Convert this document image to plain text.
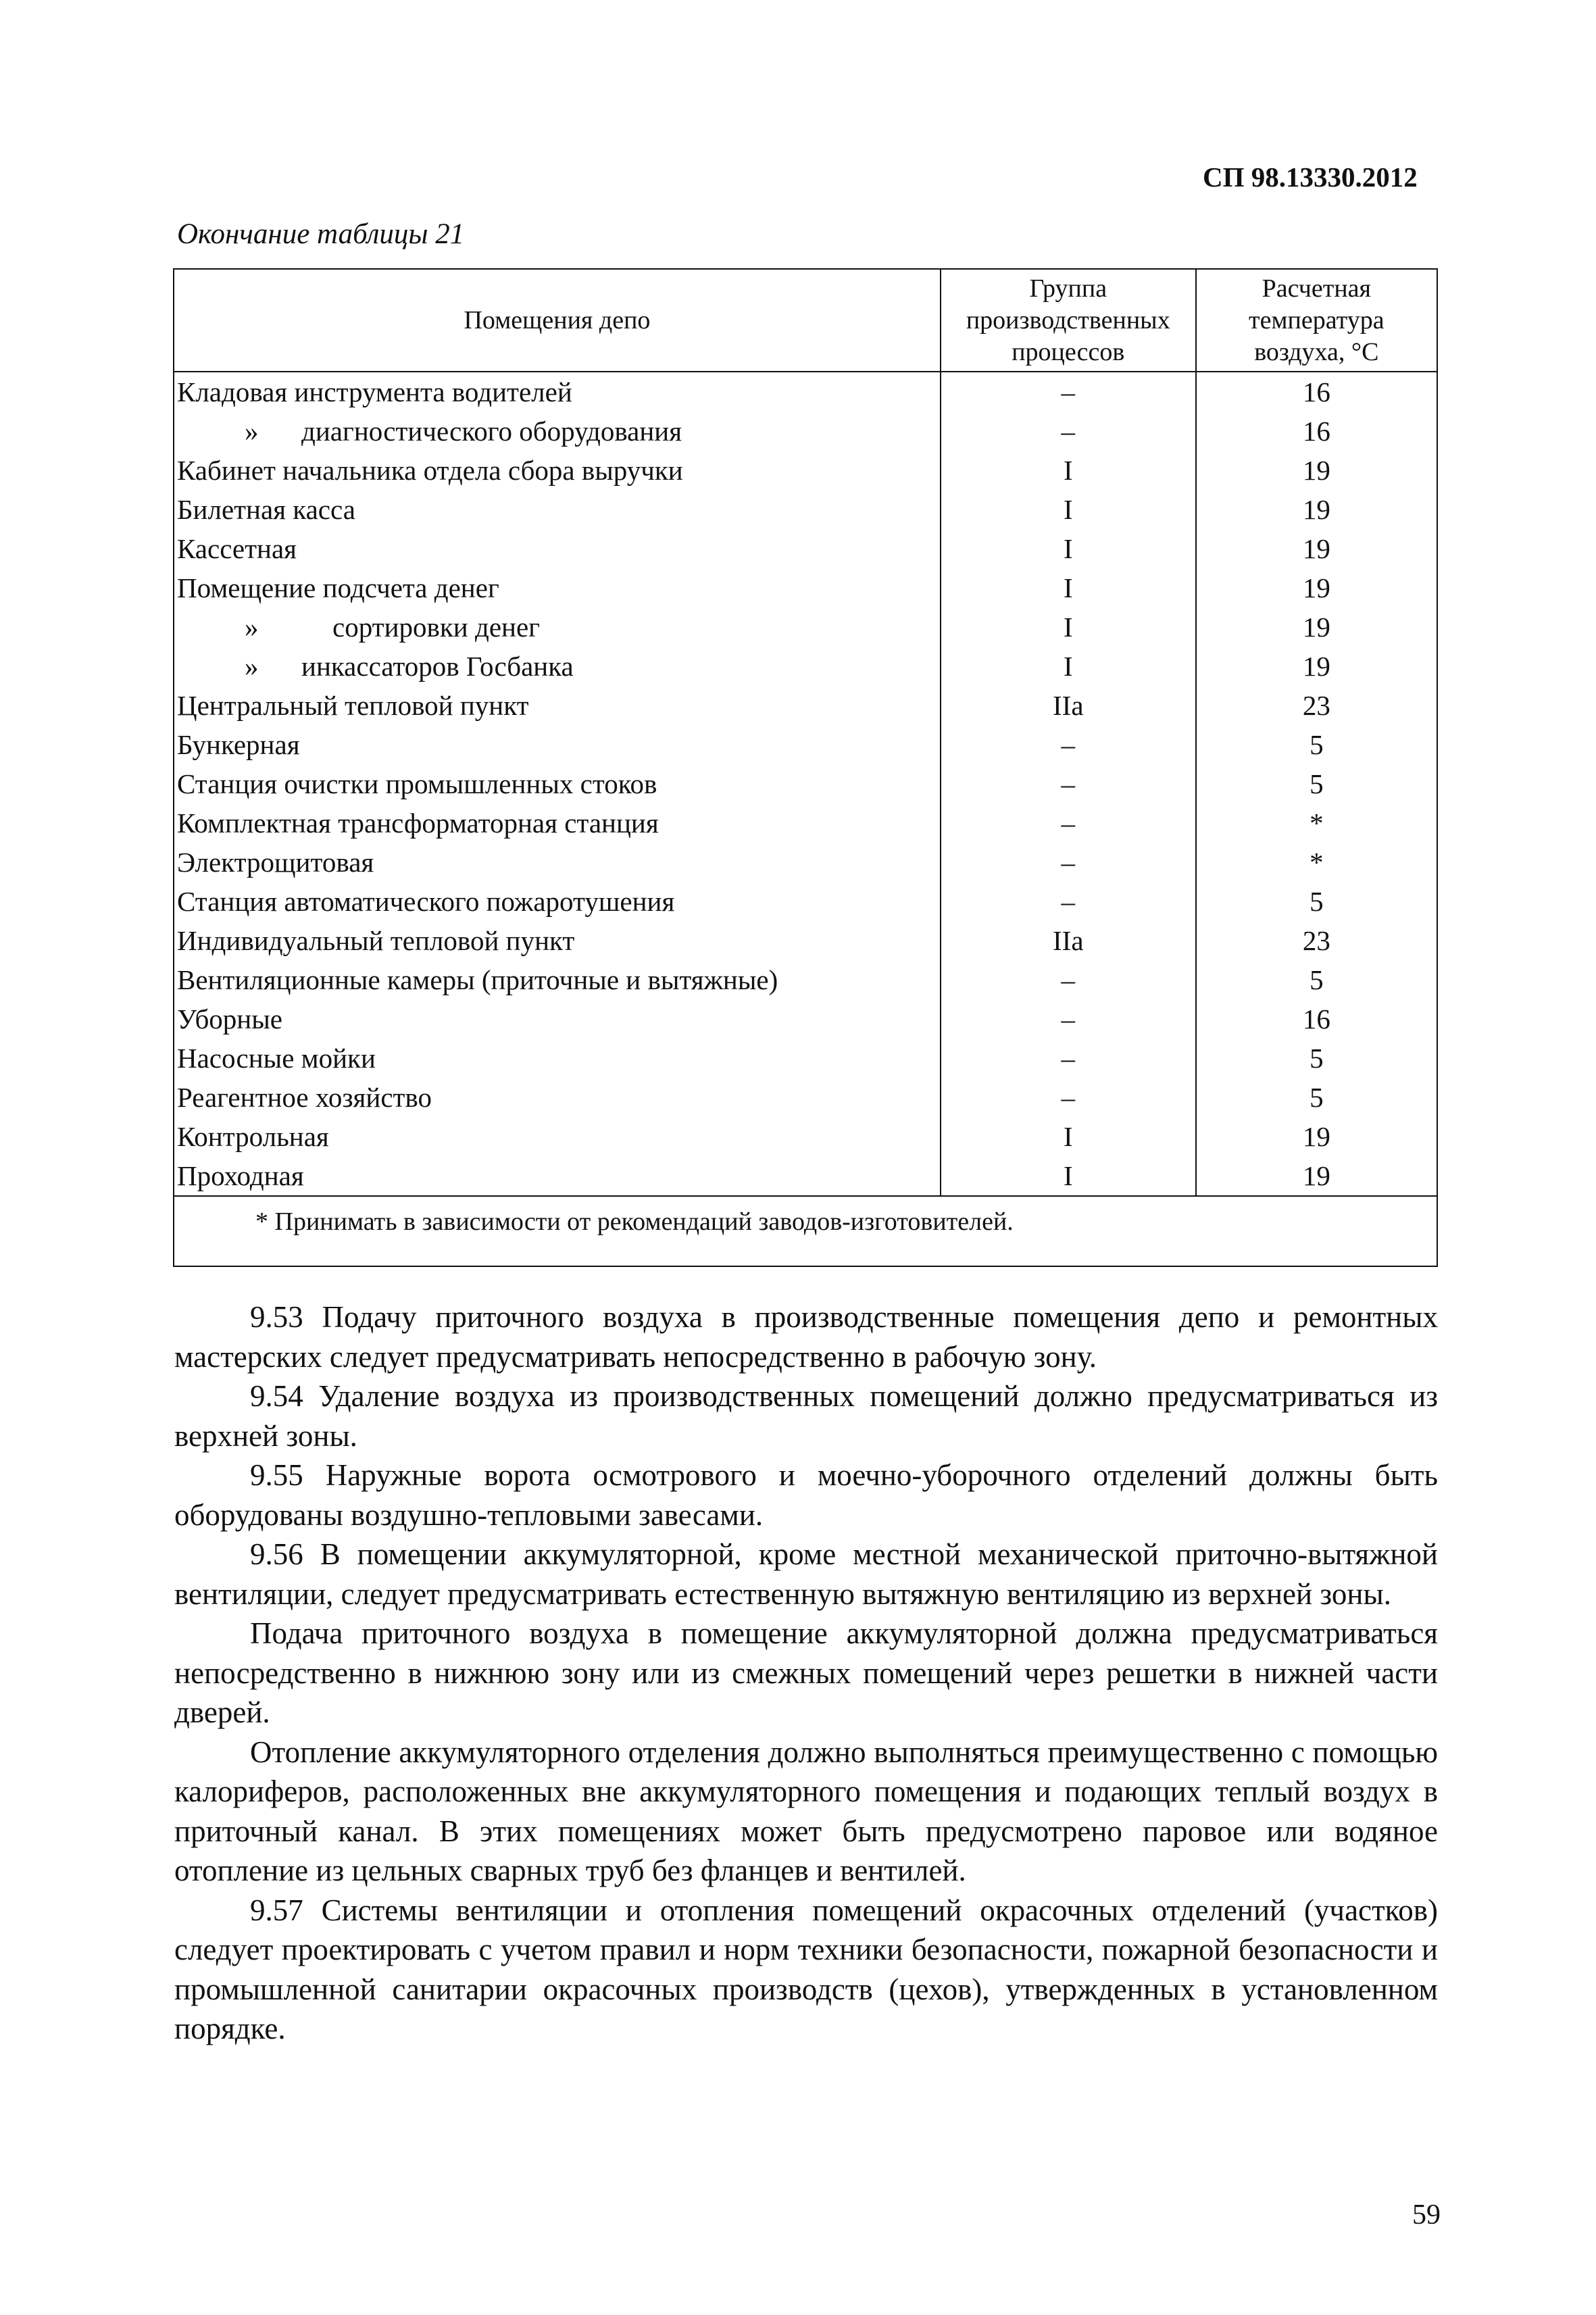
СП 98.13330.2012
Окончание таблицы 21
Помещения депо	Группа производственных процессов	Расчетная температура воздуха, °С
Кладовая инструмента водителей	–	16
» диагностического оборудования	–	16
Кабинет начальника отдела сбора выручки	I	19
Билетная касса	I	19
Кассетная	I	19
Помещение подсчета денег	I	19
» сортировки денег	I	19
» инкассаторов Госбанка	I	19
Центральный тепловой пункт	IIa	23
Бункерная	–	5
Станция очистки промышленных стоков	–	5
Комплектная трансформаторная станция	–	*
Электрощитовая	–	*
Станция автоматического пожаротушения	–	5
Индивидуальный тепловой пункт	IIa	23
Вентиляционные камеры (приточные и вытяжные)	–	5
Уборные	–	16
Насосные мойки	–	5
Реагентное хозяйство	–	5
Контрольная	I	19
Проходная	I	19
* Принимать в зависимости от рекомендаций заводов-изготовителей.		

9.53 Подачу приточного воздуха в производственные помещения депо и ремонтных мастерских следует предусматривать непосредственно в рабочую зону.

9.54 Удаление воздуха из производственных помещений должно предусматриваться из верхней зоны.

9.55 Наружные ворота осмотрового и моечно-уборочного отделений должны быть оборудованы воздушно-тепловыми завесами.

9.56 В помещении аккумуляторной, кроме местной механической приточно-вытяжной вентиляции, следует предусматривать естественную вытяжную вентиляцию из верхней зоны.

Подача приточного воздуха в помещение аккумуляторной должна предусматриваться непосредственно в нижнюю зону или из смежных помещений через решетки в нижней части дверей.

Отопление аккумуляторного отделения должно выполняться преимущественно с помощью калориферов, расположенных вне аккумуляторного помещения и подающих теплый воздух в приточный канал. В этих помещениях может быть предусмотрено паровое или водяное отопление из цельных сварных труб без фланцев и вентилей.

9.57 Системы вентиляции и отопления помещений окрасочных отделений (участков) следует проектировать с учетом правил и норм техники безопасности, пожарной безопасности и промышленной санитарии окрасочных производств (цехов), утвержденных в установленном порядке.

59
